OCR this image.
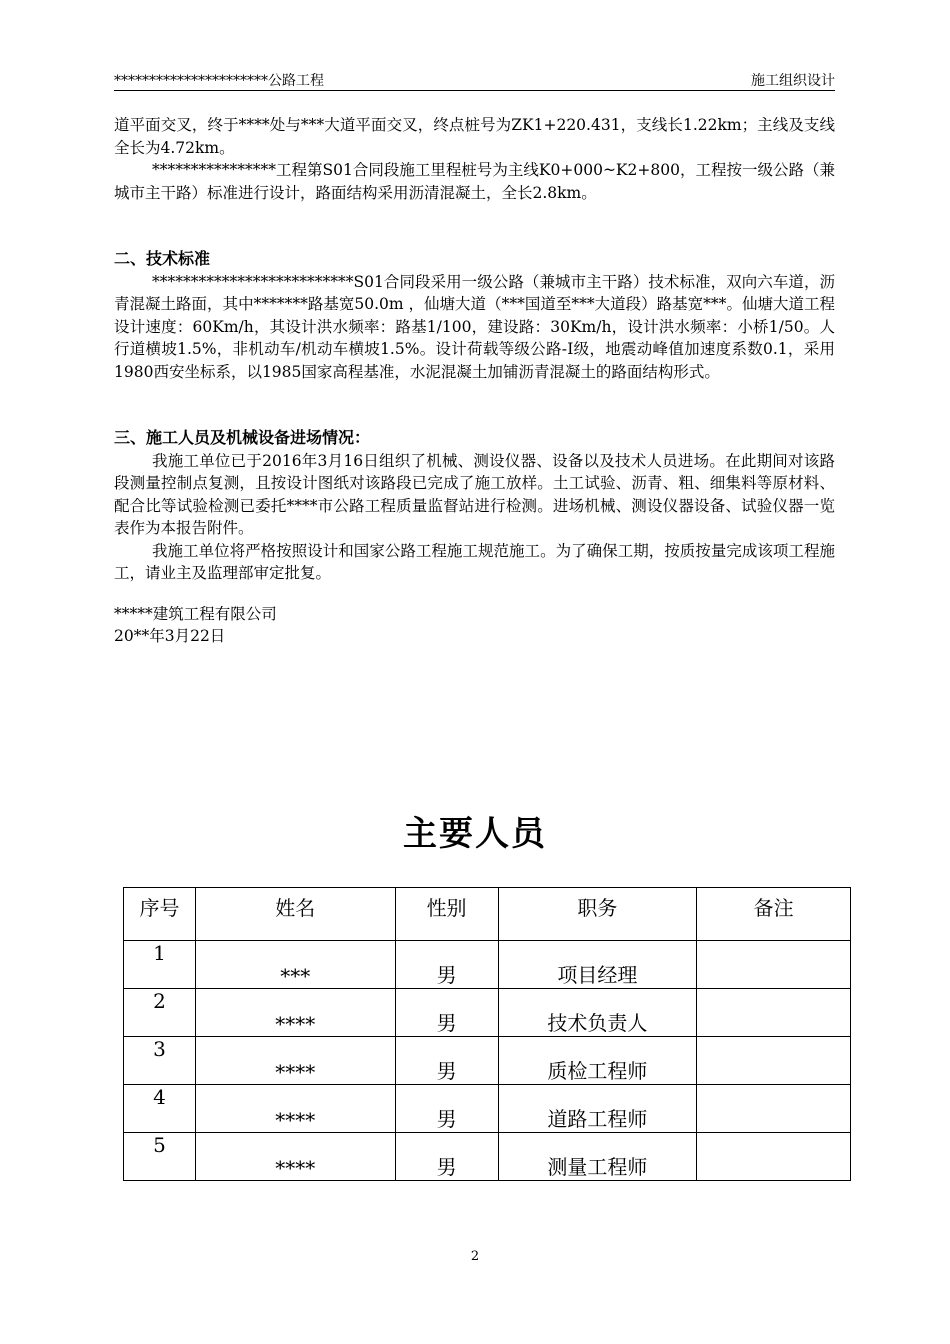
**********************公路工程	施工组织设计

道平面交叉，终于****处与***大道平面交叉，终点桩号为ZK1+220.431，支线长1.22km；主线及支线全长为4.72km。

****************工程第S01合同段施工里程桩号为主线K0+000~K2+800，工程按一级公路（兼城市主干路）标准进行设计，路面结构采用沥清混凝土，全长2.8km。

二、技术标准

**************************S01合同段采用一级公路（兼城市主干路）技术标准，双向六车道，沥青混凝土路面，其中*******路基宽50.0m ，仙塘大道（***国道至***大道段）路基宽***。仙塘大道工程设计速度：60Km/h，其设计洪水频率：路基1/100，建设路：30Km/h，设计洪水频率：小桥1/50。人行道横坡1.5%，非机动车/机动车横坡1.5%。设计荷载等级公路-Ⅰ级，地震动峰值加速度系数0.1，采用1980西安坐标系，以1985国家高程基准，水泥混凝土加铺沥青混凝土的路面结构形式。

三、施工人员及机械设备进场情况：

我施工单位已于2016年3月16日组织了机械、测设仪器、设备以及技术人员进场。在此期间对该路段测量控制点复测，且按设计图纸对该路段已完成了施工放样。土工试验、沥青、粗、细集料等原材料、配合比等试验检测已委托****市公路工程质量监督站进行检测。进场机械、测设仪器设备、试验仪器一览表作为本报告附件。

我施工单位将严格按照设计和国家公路工程施工规范施工。为了确保工期，按质按量完成该项工程施工，请业主及监理部审定批复。

*****建筑工程有限公司

20**年3月22日

主要人员
序号	姓名	性别	职务	备注
1	***	男	项目经理	
2	****	男	技术负责人	
3	****	男	质检工程师	
4	****	男	道路工程师	
5	****	男	测量工程师	
2
